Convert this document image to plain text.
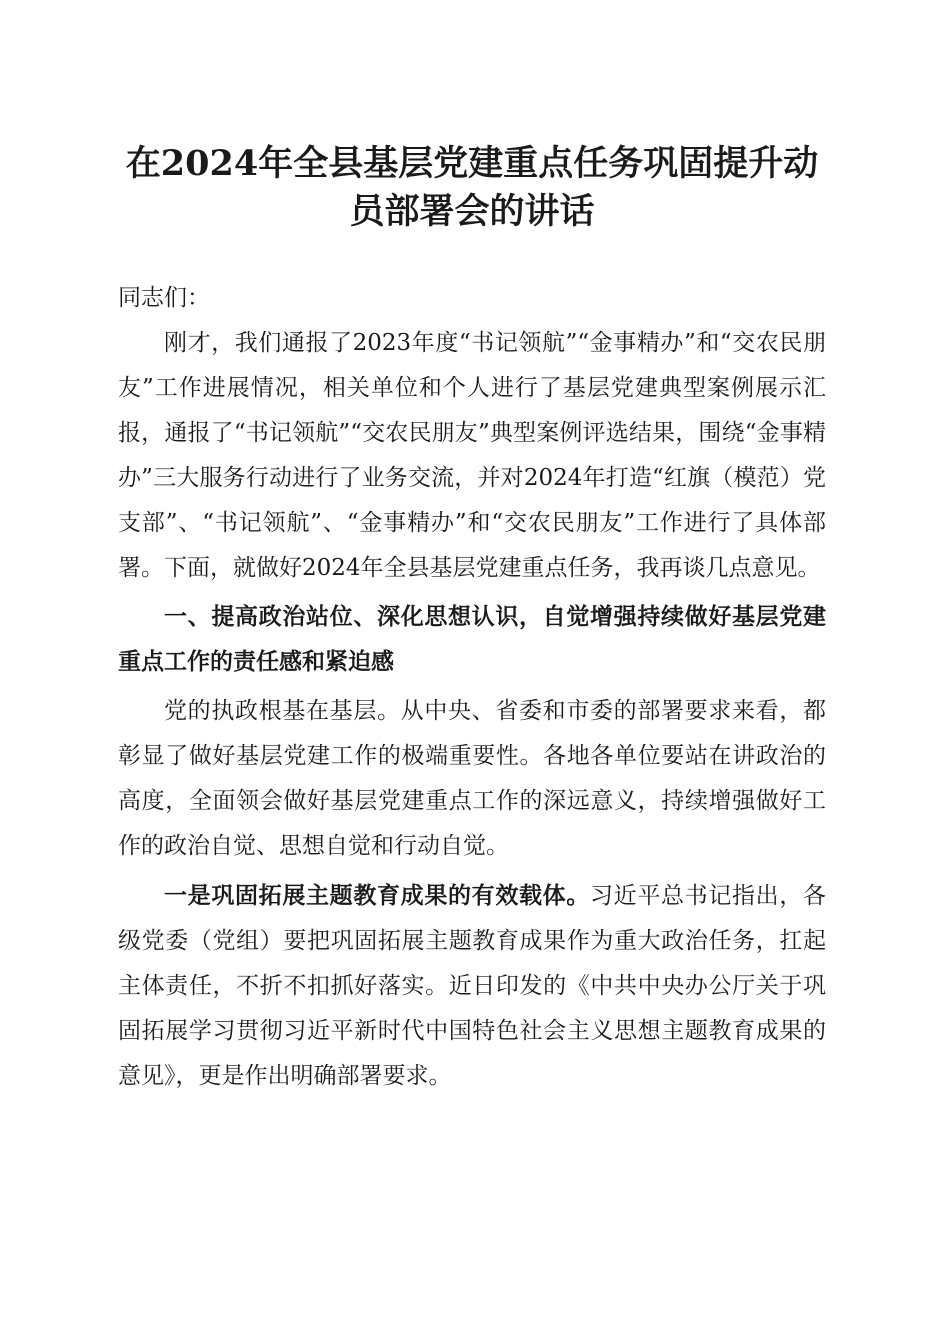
在2024年全县基层党建重点任务巩固提升动员部署会的讲话

同志们：

刚才，我们通报了2023年度“书记领航”“金事精办”和“交农民朋友”工作进展情况，相关单位和个人进行了基层党建典型案例展示汇报，通报了“书记领航”“交农民朋友”典型案例评选结果，围绕“金事精办”三大服务行动进行了业务交流，并对2024年打造“红旗（模范）党支部”、“书记领航”、“金事精办”和“交农民朋友”工作进行了具体部署。下面，就做好2024年全县基层党建重点任务，我再谈几点意见。

一、提高政治站位、深化思想认识，自觉增强持续做好基层党建重点工作的责任感和紧迫感

党的执政根基在基层。从中央、省委和市委的部署要求来看，都彰显了做好基层党建工作的极端重要性。各地各单位要站在讲政治的高度，全面领会做好基层党建重点工作的深远意义，持续增强做好工作的政治自觉、思想自觉和行动自觉。

一是巩固拓展主题教育成果的有效载体。习近平总书记指出，各级党委（党组）要把巩固拓展主题教育成果作为重大政治任务，扛起主体责任，不折不扣抓好落实。近日印发的《中共中央办公厅关于巩固拓展学习贯彻习近平新时代中国特色社会主义思想主题教育成果的意见》，更是作出明确部署要求。
